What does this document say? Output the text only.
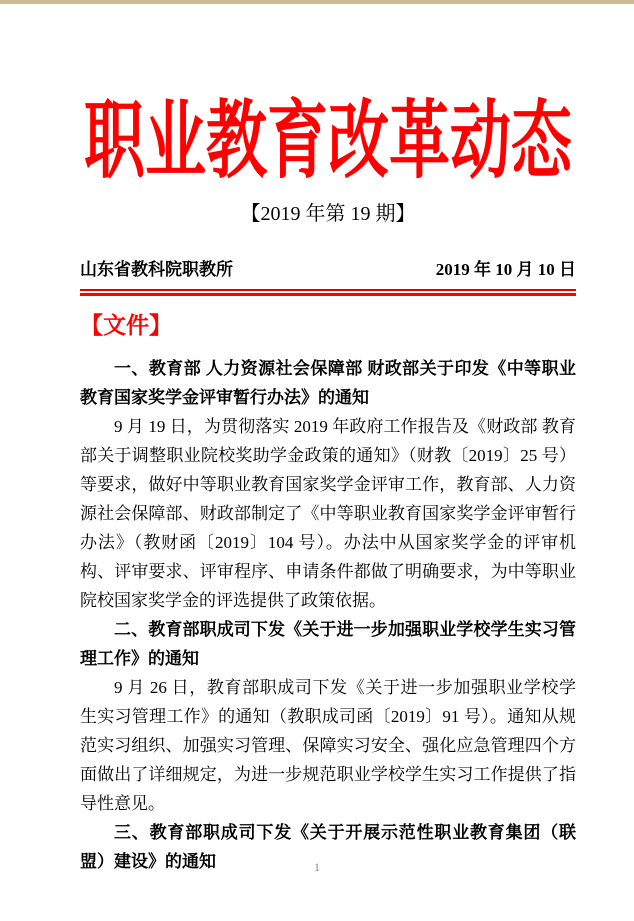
职业教育改革动态
【2019 年第 19 期】
山东省教科院职教所	2019 年 10 月 10 日
【文件】

一、教育部 人力资源社会保障部 财政部关于印发《中等职业教育国家奖学金评审暂行办法》的通知

9 月 19 日，为贯彻落实 2019 年政府工作报告及《财政部 教育部关于调整职业院校奖助学金政策的通知》（财教〔2019〕25 号）等要求，做好中等职业教育国家奖学金评审工作，教育部、人力资源社会保障部、财政部制定了《中等职业教育国家奖学金评审暂行办法》（教财函〔2019〕104 号）。办法中从国家奖学金的评审机构、评审要求、评审程序、申请条件都做了明确要求，为中等职业院校国家奖学金的评选提供了政策依据。

二、教育部职成司下发《关于进一步加强职业学校学生实习管理工作》的通知

9 月 26 日，教育部职成司下发《关于进一步加强职业学校学生实习管理工作》的通知（教职成司函〔2019〕91 号）。通知从规范实习组织、加强实习管理、保障实习安全、强化应急管理四个方面做出了详细规定，为进一步规范职业学校学生实习工作提供了指导性意见。

三、教育部职成司下发《关于开展示范性职业教育集团（联盟）建设》的通知	1
